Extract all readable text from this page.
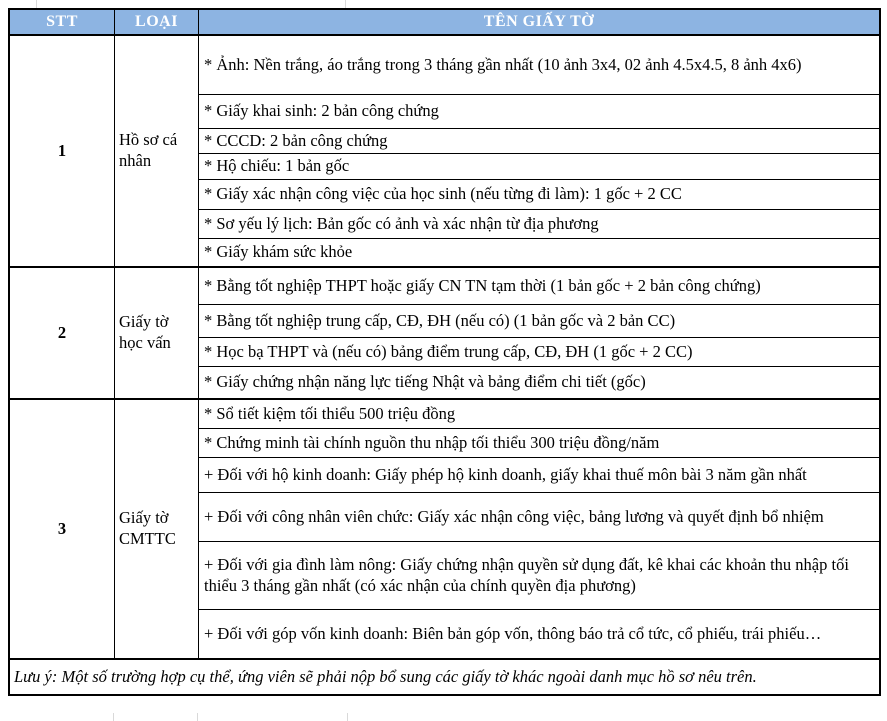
STT	LOẠI	TÊN GIẤY TỜ
1
Hồ sơ cá nhân
* Ảnh: Nền trắng, áo trắng trong 3 tháng gần nhất (10 ảnh 3x4, 02 ảnh 4.5x4.5, 8 ảnh 4x6)
* Giấy khai sinh: 2 bản công chứng
* CCCD: 2 bản công chứng
* Hộ chiếu: 1 bản gốc
* Giấy xác nhận công việc của học sinh (nếu từng đi làm): 1 gốc + 2 CC
* Sơ yếu lý lịch: Bản gốc có ảnh và xác nhận từ địa phương
* Giấy khám sức khỏe
2
Giấy tờ học vấn
* Bằng tốt nghiệp THPT hoặc giấy CN TN tạm thời (1 bản gốc + 2 bản công chứng)
* Bằng tốt nghiệp trung cấp, CĐ, ĐH (nếu có) (1 bản gốc và 2 bản CC)
* Học bạ THPT và (nếu có) bảng điểm trung cấp, CĐ, ĐH (1 gốc + 2 CC)
* Giấy chứng nhận năng lực tiếng Nhật và bảng điểm chi tiết (gốc)
3
Giấy tờ CMTTC
* Sổ tiết kiệm tối thiểu 500 triệu đồng
* Chứng minh tài chính nguồn thu nhập tối thiểu 300 triệu đồng/năm
+ Đối với hộ kinh doanh: Giấy phép hộ kinh doanh, giấy khai thuế môn bài 3 năm gần nhất
+ Đối với công nhân viên chức: Giấy xác nhận công việc, bảng lương và quyết định bổ nhiệm
+ Đối với gia đình làm nông: Giấy chứng nhận quyền sử dụng đất, kê khai các khoản thu nhập tối thiểu 3 tháng gần nhất (có xác nhận của chính quyền địa phương)
+ Đối với góp vốn kinh doanh: Biên bản góp vốn, thông báo trả cổ tức, cổ phiếu, trái phiếu…
Lưu ý: Một số trường hợp cụ thể, ứng viên sẽ phải nộp bổ sung các giấy tờ khác ngoài danh mục hồ sơ nêu trên.
